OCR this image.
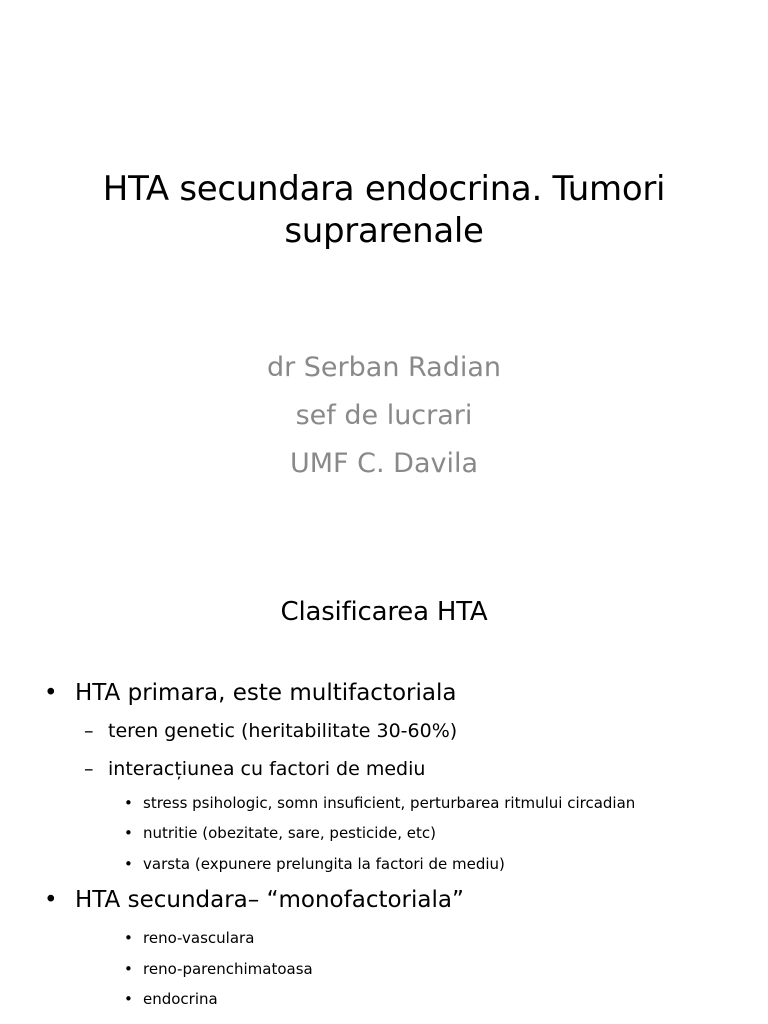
HTA secundara endocrina. Tumori suprarenale
dr Serban Radian
sef de lucrari
UMF C. Davila
Clasificarea HTA
• HTA primara, este multifactoriala
– teren genetic (heritabilitate 30-60%)
– interacțiunea cu factori de mediu
• stress psihologic, somn insuficient, perturbarea ritmului circadian
• nutritie (obezitate, sare, pesticide, etc)
• varsta (expunere prelungita la factori de mediu)
• HTA secundara– “monofactoriala”
• reno-vasculara
• reno-parenchimatoasa
• endocrina
